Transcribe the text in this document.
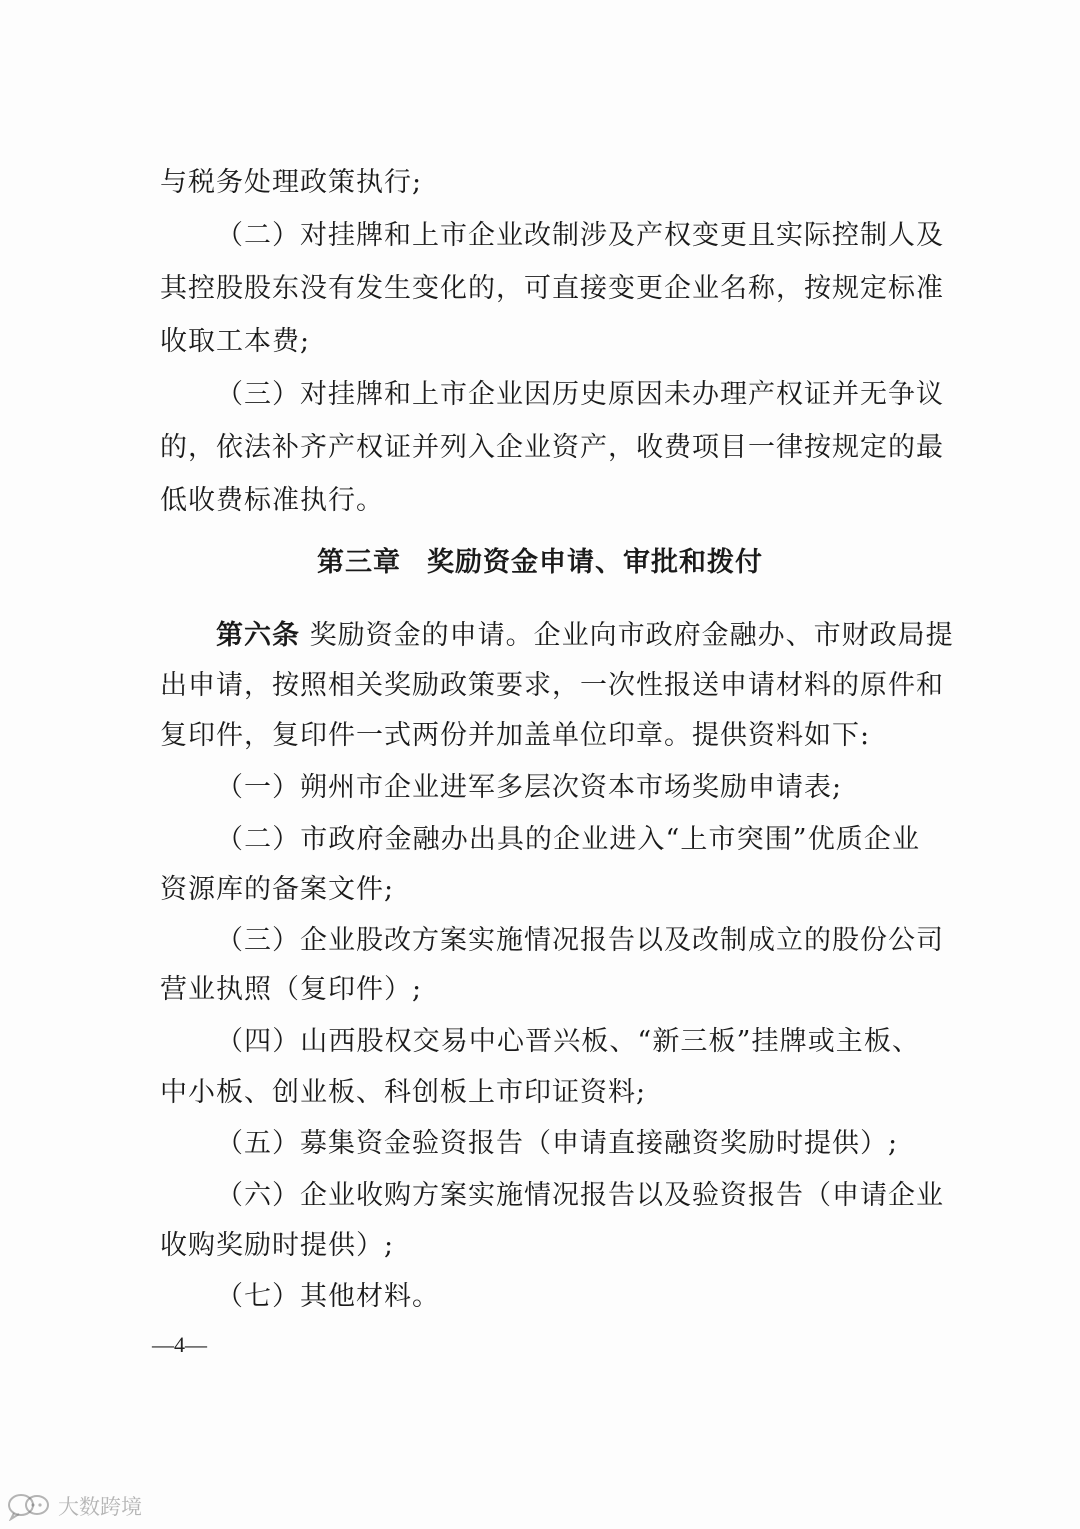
与税务处理政策执行;
（二）对挂牌和上市企业改制涉及产权变更且实际控制人及
其控股股东没有发生变化的，可直接变更企业名称，按规定标准
收取工本费;
（三）对挂牌和上市企业因历史原因未办理产权证并无争议
的，依法补齐产权证并列入企业资产，收费项目一律按规定的最
低收费标准执行。
第三章 奖励资金申请、审批和拨付
第六条 奖励资金的申请。企业向市政府金融办、市财政局提
出申请，按照相关奖励政策要求，一次性报送申请材料的原件和
复印件，复印件一式两份并加盖单位印章。提供资料如下:
（一）朔州市企业进军多层次资本市场奖励申请表;
（二）市政府金融办出具的企业进入“上市突围”优质企业
资源库的备案文件;
（三）企业股改方案实施情况报告以及改制成立的股份公司
营业执照（复印件）;
（四）山西股权交易中心晋兴板、“新三板”挂牌或主板、
中小板、创业板、科创板上市印证资料;
（五）募集资金验资报告（申请直接融资奖励时提供）;
（六）企业收购方案实施情况报告以及验资报告（申请企业
收购奖励时提供）;
（七）其他材料。
—4—
大数跨境
